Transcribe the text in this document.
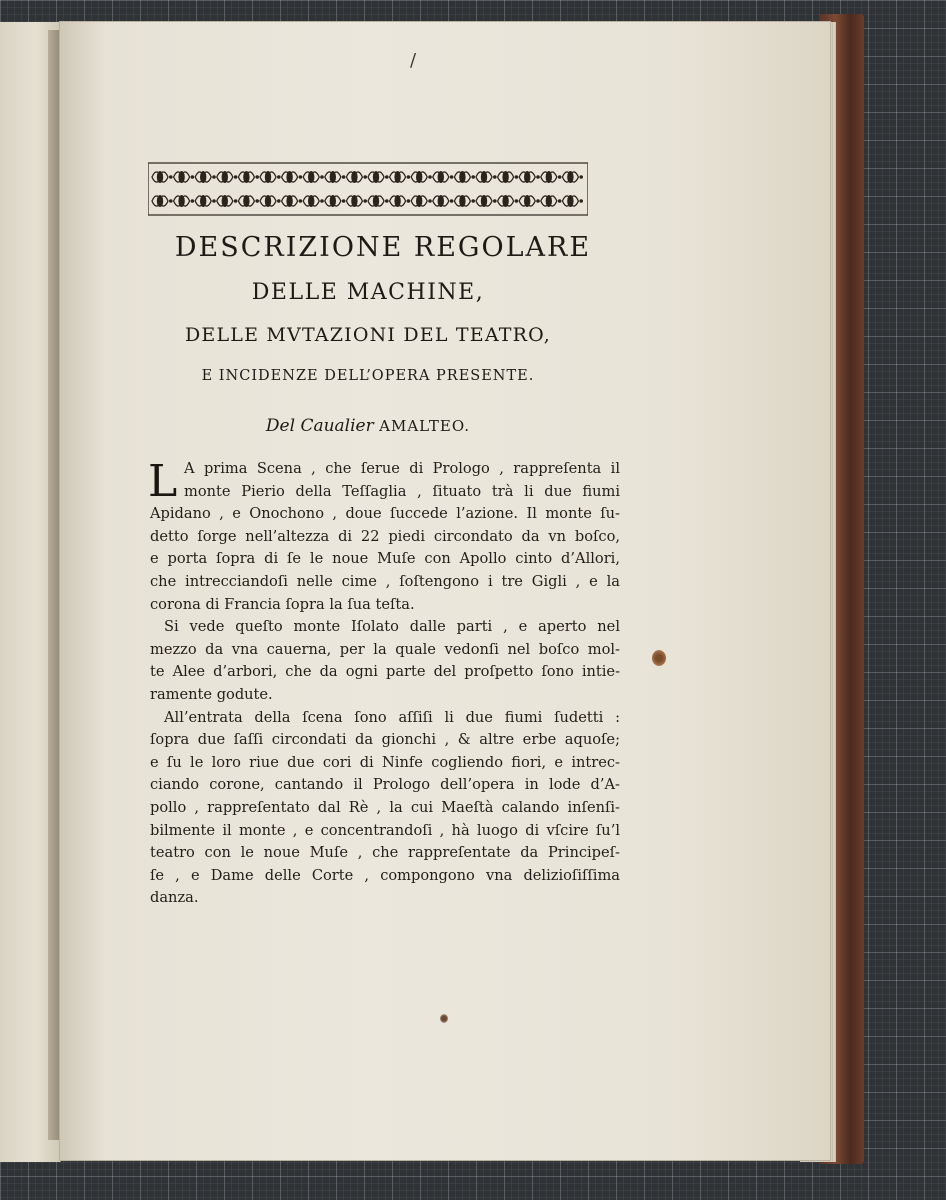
/
DESCRIZIONE REGOLARE
DELLE MACHINE,
DELLE MVTAZIONI DEL TEATRO,
E INCIDENZE DELL’OPERA PRESENTE.
Del Caualier AMALTEO.
L A prima Scena , che ſerue di Prologo , rappreſenta il
monte Pierio della Teſſaglia , ſituato trà li due fiumi
Apidano , e Onochono , doue ſuccede l’azione. Il monte ſu-
detto ſorge nell’altezza di 22 piedi circondato da vn boſco,
e porta ſopra di ſe le noue Muſe con Apollo cinto d’Allori,
che intrecciandoſi nelle cime , ſoſtengono i tre Gigli , e la
corona di Francia ſopra la ſua teſta.
Si vede queſto monte Iſolato dalle parti , e aperto nel
mezzo da vna cauerna, per la quale vedonſi nel boſco mol-
te Alee d’arbori, che da ogni parte del proſpetto ſono intie-
ramente godute.
All’entrata della ſcena ſono aſſiſi li due fiumi ſudetti :
ſopra due ſaſſi circondati da gionchi , & altre erbe aquoſe;
e ſu le loro riue due cori di Ninfe cogliendo fiori, e intrec-
ciando corone, cantando il Prologo dell’opera in lode d’A-
pollo , rappreſentato dal Rè , la cui Maeſtà calando inſenſi-
bilmente il monte , e concentrandoſi , hà luogo di vſcire ſu’l
teatro con le noue Muſe , che rappreſentate da Principeſ-
ſe , e Dame delle Corte , compongono vna delizioſiſſima
danza.
